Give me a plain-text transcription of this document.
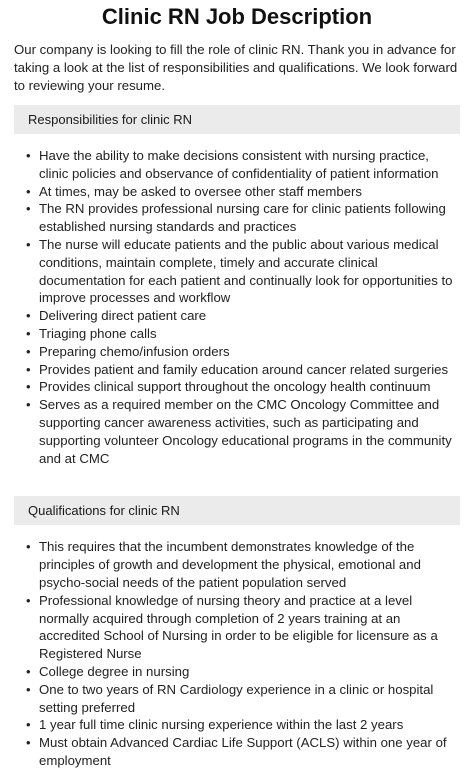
Clinic RN Job Description

Our company is looking to fill the role of clinic RN. Thank you in advance for taking a look at the list of responsibilities and qualifications. We look forward to reviewing your resume.

Responsibilities for clinic RN
• Have the ability to make decisions consistent with nursing practice, clinic policies and observance of confidentiality of patient information
• At times, may be asked to oversee other staff members
• The RN provides professional nursing care for clinic patients following established nursing standards and practices
• The nurse will educate patients and the public about various medical conditions, maintain complete, timely and accurate clinical documentation for each patient and continually look for opportunities to improve processes and workflow
• Delivering direct patient care
• Triaging phone calls
• Preparing chemo/infusion orders
• Provides patient and family education around cancer related surgeries
• Provides clinical support throughout the oncology health continuum
• Serves as a required member on the CMC Oncology Committee and supporting cancer awareness activities, such as participating and supporting volunteer Oncology educational programs in the community and at CMC
Qualifications for clinic RN
• This requires that the incumbent demonstrates knowledge of the principles of growth and development the physical, emotional and psycho-social needs of the patient population served
• Professional knowledge of nursing theory and practice at a level normally acquired through completion of 2 years training at an accredited School of Nursing in order to be eligible for licensure as a Registered Nurse
• College degree in nursing
• One to two years of RN Cardiology experience in a clinic or hospital setting preferred
• 1 year full time clinic nursing experience within the last 2 years
• Must obtain Advanced Cardiac Life Support (ACLS) within one year of employment
